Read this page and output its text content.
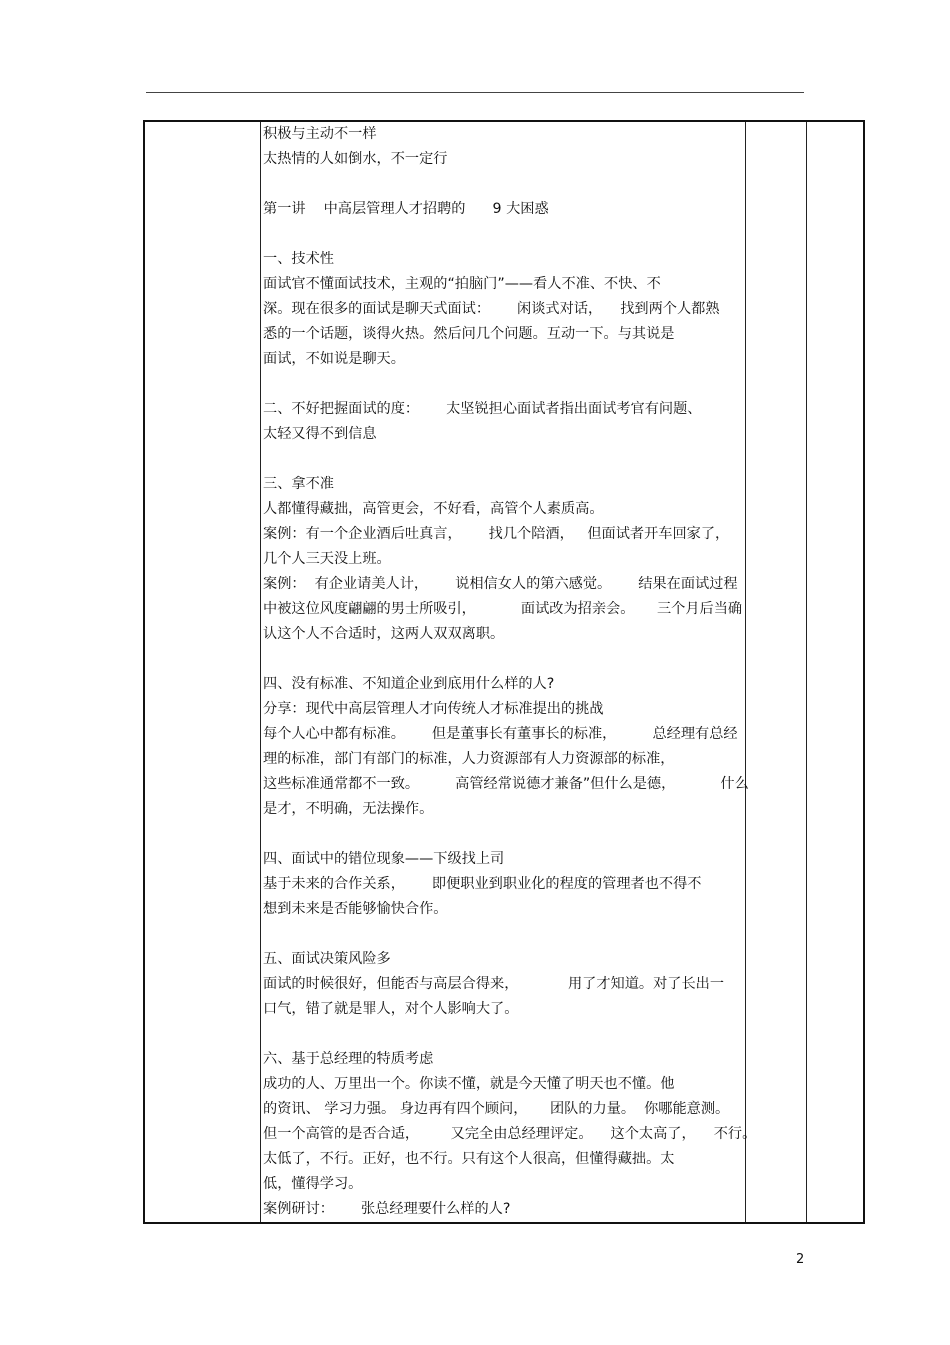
积极与主动不一样
太热情的人如倒水，不一定行
第一讲    中高层管理人才招聘的      9 大困惑
一、技术性
面试官不懂面试技术，主观的“拍脑门”——看人不准、不快、不
深。现在很多的面试是聊天式面试：      闲谈式对话，    找到两个人都熟
悉的一个话题，谈得火热。然后问几个问题。互动一下。与其说是
面试，不如说是聊天。
二、不好把握面试的度：      太坚锐担心面试者指出面试考官有问题、
太轻又得不到信息
三、拿不准
人都懂得藏拙，高管更会，不好看，高管个人素质高。
案例：有一个企业酒后吐真言，      找几个陪酒，   但面试者开车回家了，
几个人三天没上班。
案例：  有企业请美人计，      说相信女人的第六感觉。      结果在面试过程
中被这位风度翩翩的男士所吸引，          面试改为招亲会。     三个月后当确
认这个人不合适时，这两人双双离职。
四、没有标准、不知道企业到底用什么样的人?
分享：现代中高层管理人才向传统人才标准提出的挑战
每个人心中都有标准。      但是董事长有董事长的标准，        总经理有总经
理的标准，部门有部门的标准，人力资源部有人力资源部的标准，
这些标准通常都不一致。        高管经常说德才兼备”但什么是德，          什么
是才，不明确，无法操作。
四、面试中的错位现象——下级找上司
基于未来的合作关系，      即便职业到职业化的程度的管理者也不得不
想到未来是否能够愉快合作。
五、面试决策风险多
面试的时候很好，但能否与高层合得来，           用了才知道。对了长出一
口气，错了就是罪人，对个人影响大了。
六、基于总经理的特质考虑
成功的人、万里出一个。你读不懂，就是今天懂了明天也不懂。他
的资讯、 学习力强。 身边再有四个顾问，     团队的力量。  你哪能意测。
但一个高管的是否合适，       又完全由总经理评定。    这个太高了，    不行。
太低了，不行。正好，也不行。只有这个人很高，但懂得藏拙。太
低，懂得学习。
案例研讨：      张总经理要什么样的人?

2
